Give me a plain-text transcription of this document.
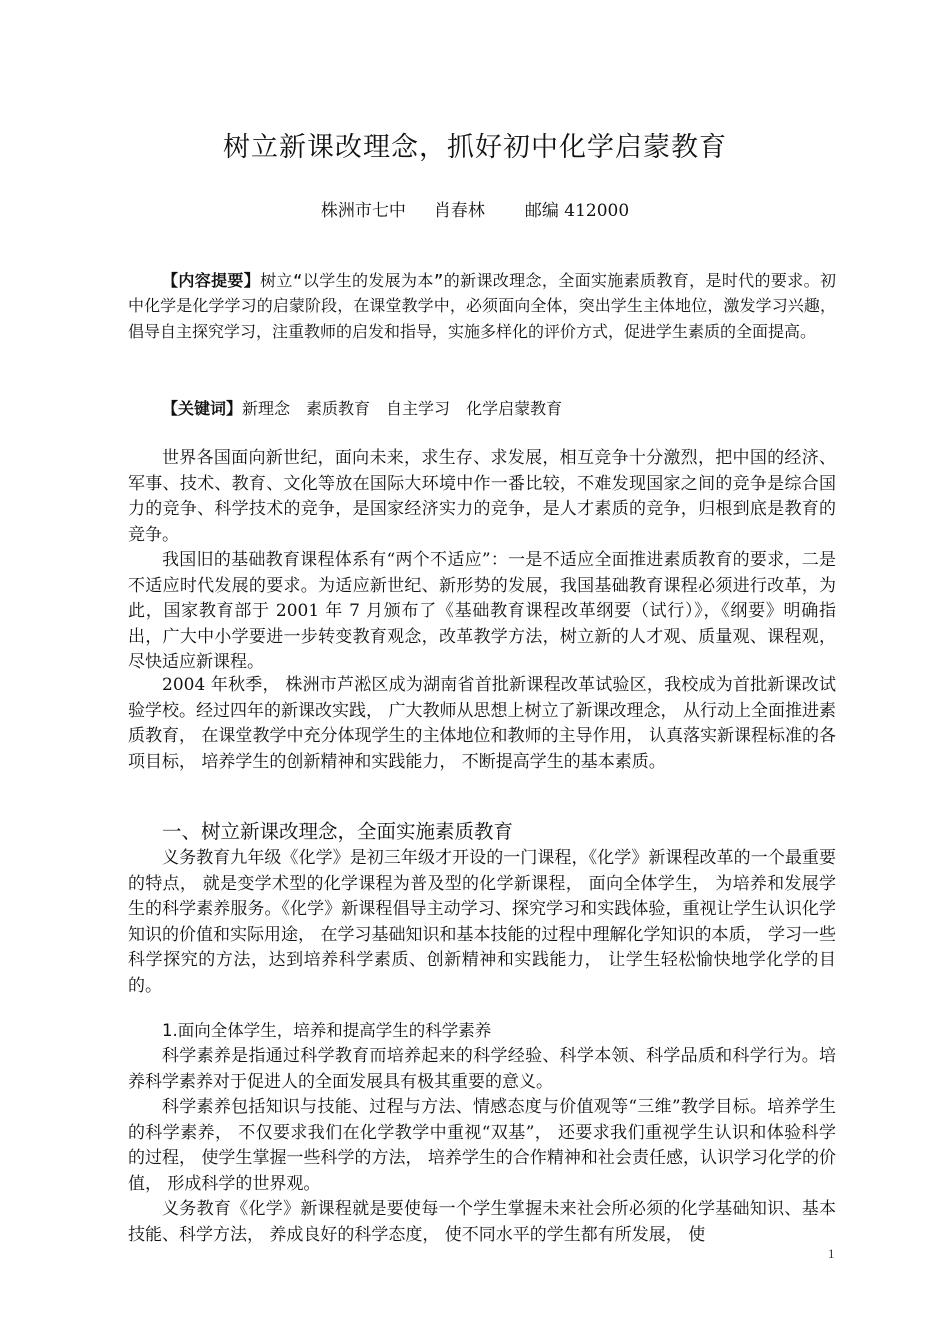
树立新课改理念，抓好初中化学启蒙教育
株洲市七中 肖春林 邮编 412000

【内容提要】树立“以学生的发展为本”的新课改理念，全面实施素质教育，是时代的要求。初中化学是化学学习的启蒙阶段，在课堂教学中，必须面向全体，突出学生主体地位，激发学习兴趣，倡导自主探究学习，注重教师的启发和指导，实施多样化的评价方式，促进学生素质的全面提高。

【关键词】新理念 素质教育 自主学习 化学启蒙教育

世界各国面向新世纪，面向未来，求生存、求发展，相互竞争十分激烈，把中国的经济、军事、技术、教育、文化等放在国际大环境中作一番比较，不难发现国家之间的竞争是综合国力的竞争、科学技术的竞争，是国家经济实力的竞争，是人才素质的竞争，归根到底是教育的竞争。

我国旧的基础教育课程体系有“两个不适应”：一是不适应全面推进素质教育的要求，二是不适应时代发展的要求。为适应新世纪、新形势的发展，我国基础教育课程必须进行改革，为此，国家教育部于 2001 年 7 月颁布了《基础教育课程改革纲要（试行）》，《纲要》明确指出，广大中小学要进一步转变教育观念，改革教学方法，树立新的人才观、质量观、课程观，尽快适应新课程。

2004 年秋季， 株洲市芦淞区成为湖南省首批新课程改革试验区，我校成为首批新课改试验学校。经过四年的新课改实践， 广大教师从思想上树立了新课改理念， 从行动上全面推进素质教育， 在课堂教学中充分体现学生的主体地位和教师的主导作用， 认真落实新课程标准的各项目标， 培养学生的创新精神和实践能力， 不断提高学生的基本素质。

一、树立新课改理念，全面实施素质教育

义务教育九年级《化学》是初三年级才开设的一门课程，《化学》新课程改革的一个最重要的特点， 就是变学术型的化学课程为普及型的化学新课程， 面向全体学生， 为培养和发展学生的科学素养服务。《化学》新课程倡导主动学习、探究学习和实践体验，重视让学生认识化学知识的价值和实际用途， 在学习基础知识和基本技能的过程中理解化学知识的本质， 学习一些科学探究的方法，达到培养科学素质、创新精神和实践能力， 让学生轻松愉快地学化学的目的。

1.面向全体学生，培养和提高学生的科学素养

科学素养是指通过科学教育而培养起来的科学经验、科学本领、科学品质和科学行为。培养科学素养对于促进人的全面发展具有极其重要的意义。

科学素养包括知识与技能、过程与方法、情感态度与价值观等“三维”教学目标。培养学生的科学素养， 不仅要求我们在化学教学中重视“双基”， 还要求我们重视学生认识和体验科学的过程， 使学生掌握一些科学的方法， 培养学生的合作精神和社会责任感，认识学习化学的价值， 形成科学的世界观。

义务教育《化学》新课程就是要使每一个学生掌握未来社会所必须的化学基础知识、基本技能、科学方法， 养成良好的科学态度， 使不同水平的学生都有所发展， 使

1
